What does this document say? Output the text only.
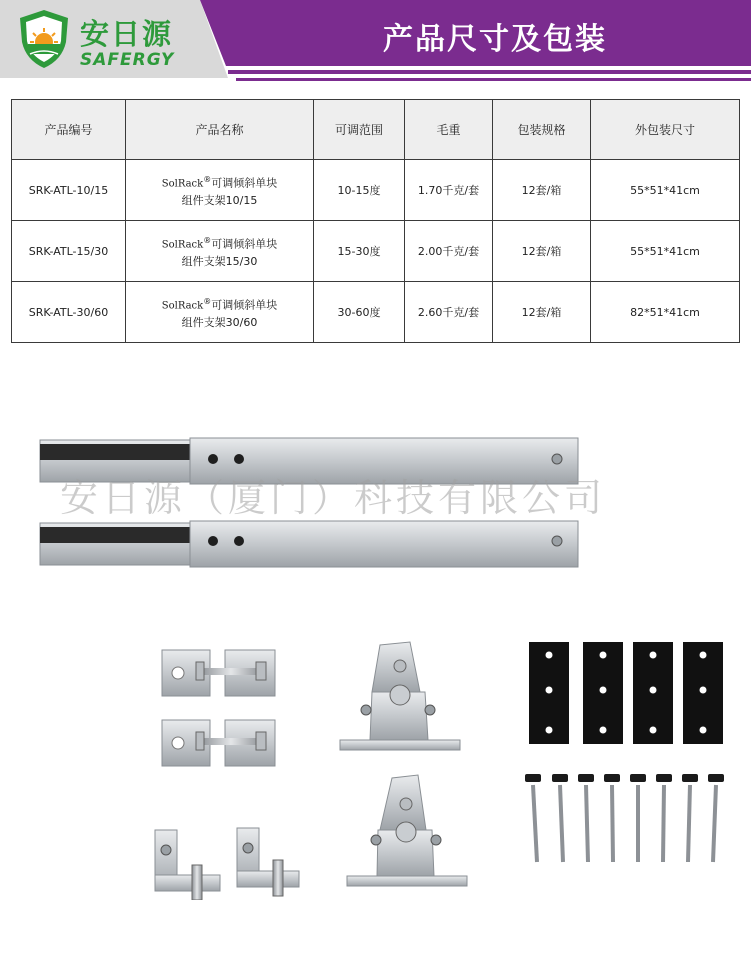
安日源
SAFERGY
产品尺寸及包装
产品编号	产品名称	可调范围	毛重	包装规格	外包装尺寸
SRK-ATL-10/15	SolRack®可调倾斜单块
组件支架10/15	10-15度	1.70千克/套	12套/箱	55*51*41cm
SRK-ATL-15/30	SolRack®可调倾斜单块
组件支架15/30	15-30度	2.00千克/套	12套/箱	55*51*41cm
SRK-ATL-30/60	SolRack®可调倾斜单块
组件支架30/60	30-60度	2.60千克/套	12套/箱	82*51*41cm
安日源（厦门）科技有限公司
